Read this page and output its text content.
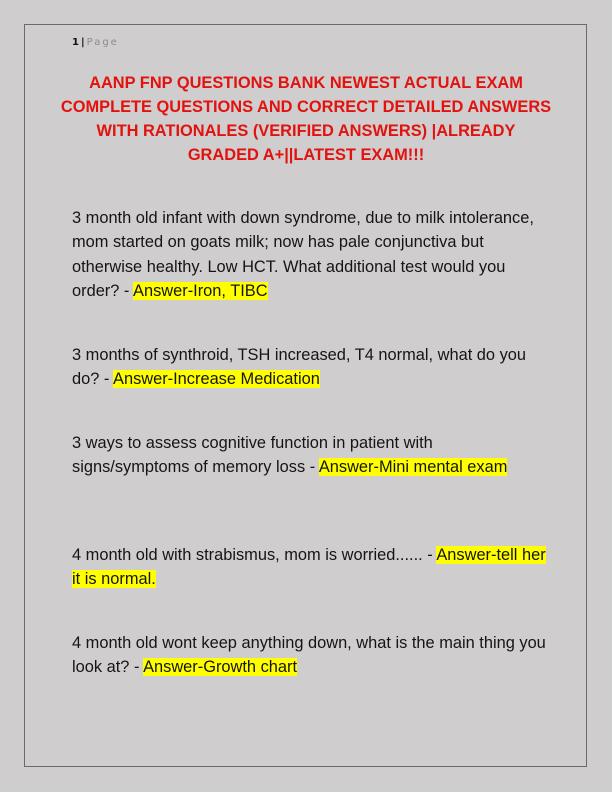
1 | Page
AANP FNP QUESTIONS BANK NEWEST ACTUAL EXAM COMPLETE QUESTIONS AND CORRECT DETAILED ANSWERS WITH RATIONALES (VERIFIED ANSWERS) |ALREADY GRADED A+||LATEST EXAM!!!
3 month old infant with down syndrome, due to milk intolerance, mom started on goats milk; now has pale conjunctiva but otherwise healthy. Low HCT. What additional test would you order? - Answer-Iron, TIBC
3 months of synthroid, TSH increased, T4 normal, what do you do? - Answer-Increase Medication
3 ways to assess cognitive function in patient with signs/symptoms of memory loss - Answer-Mini mental exam
4 month old with strabismus, mom is worried...... - Answer-tell her it is normal.
4 month old wont keep anything down, what is the main thing you look at? - Answer-Growth chart
